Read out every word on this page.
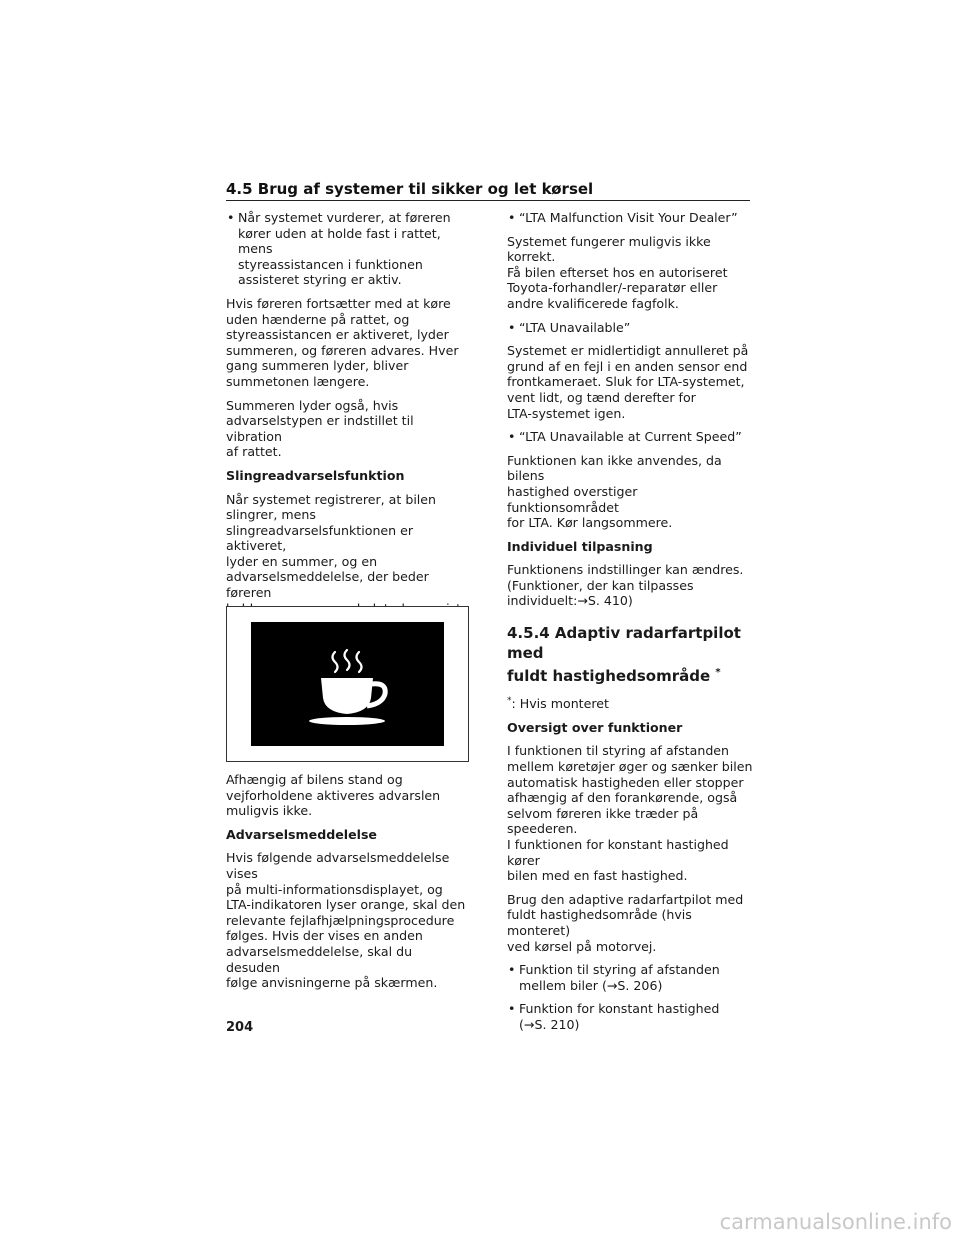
4.5 Brug af systemer til sikker og let kørsel
• Når systemet vurderer, at føreren
kører uden at holde fast i rattet, mens
styreassistancen i funktionen
assisteret styring er aktiv.

Hvis føreren fortsætter med at køre
uden hænderne på rattet, og
styreassistancen er aktiveret, lyder
summeren, og føreren advares. Hver
gang summeren lyder, bliver
summetonen længere.

Summeren lyder også, hvis
advarselstypen er indstillet til vibration
af rattet.

Slingreadvarselsfunktion

Når systemet registrerer, at bilen
slingrer, mens
slingreadvarselsfunktionen er aktiveret,
lyder en summer, og en
advarselsmeddelelse, der beder føreren

Afhængig af bilens stand og
vejforholdene aktiveres advarslen
muligvis ikke.

Advarselsmeddelelse

Hvis følgende advarselsmeddelelse vises
på multi-informationsdisplayet, og
LTA-indikatoren lyser orange, skal den
relevante fejlafhjælpningsprocedure
følges. Hvis der vises en anden
advarselsmeddelelse, skal du desuden
følge anvisningerne på skærmen.

• “LTA Malfunction Visit Your Dealer”

Systemet fungerer muligvis ikke korrekt.
Få bilen efterset hos en autoriseret
Toyota-forhandler/-reparatør eller
andre kvalificerede fagfolk.

• “LTA Unavailable”

Systemet er midlertidigt annulleret på
grund af en fejl i en anden sensor end
frontkameraet. Sluk for LTA-systemet,
vent lidt, og tænd derefter for
LTA-systemet igen.

• “LTA Unavailable at Current Speed”

Funktionen kan ikke anvendes, da bilens
hastighed overstiger funktionsområdet
for LTA. Kør langsommere.

Individuel tilpasning

Funktionens indstillinger kan ændres.
(Funktioner, der kan tilpasses
individuelt:→S. 410)

4.5.4 Adaptiv radarfartpilot med
fuldt hastighedsområde *

*: Hvis monteret

Oversigt over funktioner

I funktionen til styring af afstanden
mellem køretøjer øger og sænker bilen
automatisk hastigheden eller stopper
afhængig af den forankørende, også
selvom føreren ikke træder på speederen.
I funktionen for konstant hastighed kører
bilen med en fast hastighed.

Brug den adaptive radarfartpilot med
fuldt hastighedsområde (hvis monteret)
ved kørsel på motorvej.

• Funktion til styring af afstanden
mellem biler (→S. 206)
• Funktion for konstant hastighed
(→S. 210)
204
carmanualsonline.info
